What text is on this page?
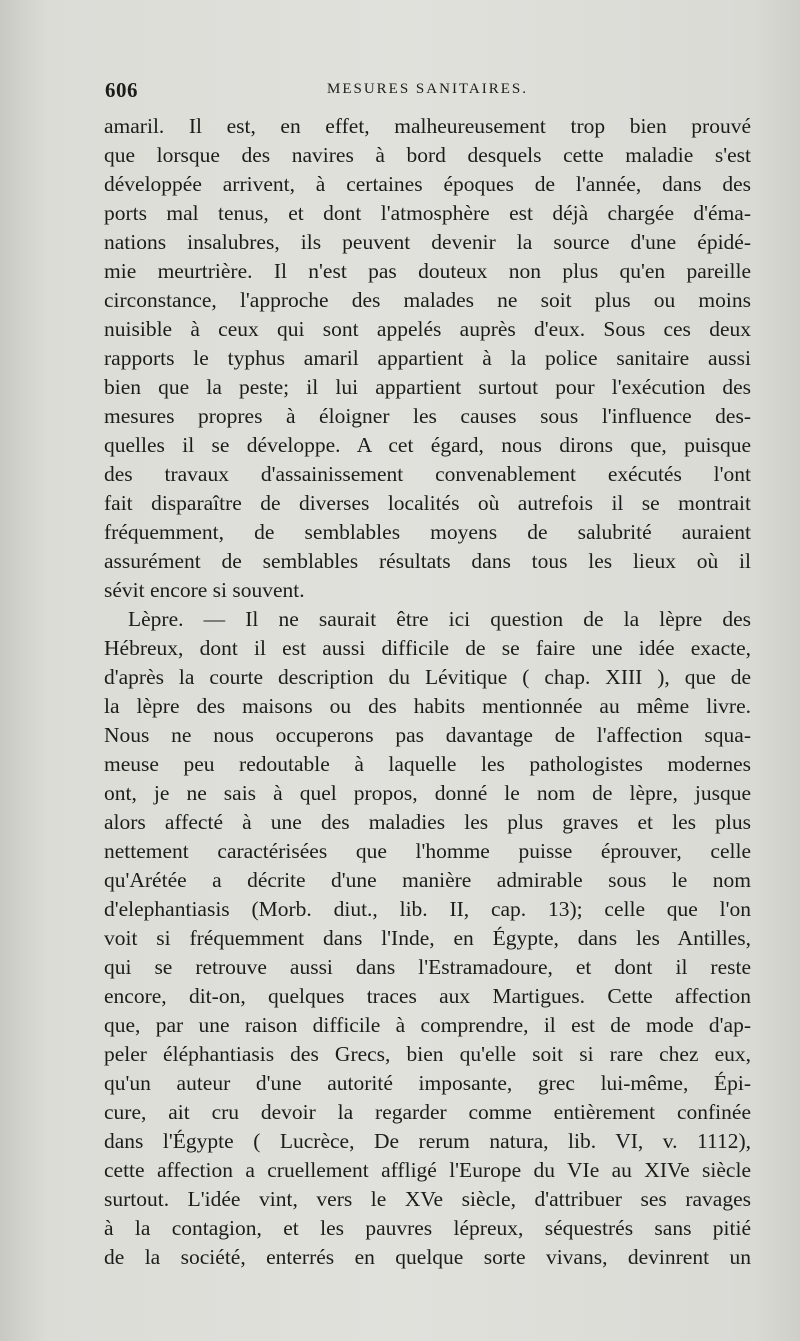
606	MESURES SANITAIRES.
amaril. Il est, en effet, malheureusement trop bien prouvé
que lorsque des navires à bord desquels cette maladie s'est
développée arrivent, à certaines époques de l'année, dans des
ports mal tenus, et dont l'atmosphère est déjà chargée d'éma-
nations insalubres, ils peuvent devenir la source d'une épidé-
mie meurtrière. Il n'est pas douteux non plus qu'en pareille
circonstance, l'approche des malades ne soit plus ou moins
nuisible à ceux qui sont appelés auprès d'eux. Sous ces deux
rapports le typhus amaril appartient à la police sanitaire aussi
bien que la peste; il lui appartient surtout pour l'exécution des
mesures propres à éloigner les causes sous l'influence des-
quelles il se développe. A cet égard, nous dirons que, puisque
des travaux d'assainissement convenablement exécutés l'ont
fait disparaître de diverses localités où autrefois il se montrait
fréquemment, de semblables moyens de salubrité auraient
assurément de semblables résultats dans tous les lieux où il
sévit encore si souvent.
Lèpre. — Il ne saurait être ici question de la lèpre des
Hébreux, dont il est aussi difficile de se faire une idée exacte,
d'après la courte description du Lévitique ( chap. XIII ), que de
la lèpre des maisons ou des habits mentionnée au même livre.
Nous ne nous occuperons pas davantage de l'affection squa-
meuse peu redoutable à laquelle les pathologistes modernes
ont, je ne sais à quel propos, donné le nom de lèpre, jusque
alors affecté à une des maladies les plus graves et les plus
nettement caractérisées que l'homme puisse éprouver, celle
qu'Arétée a décrite d'une manière admirable sous le nom
d'elephantiasis (Morb. diut., lib. II, cap. 13); celle que l'on
voit si fréquemment dans l'Inde, en Égypte, dans les Antilles,
qui se retrouve aussi dans l'Estramadoure, et dont il reste
encore, dit-on, quelques traces aux Martigues. Cette affection
que, par une raison difficile à comprendre, il est de mode d'ap-
peler éléphantiasis des Grecs, bien qu'elle soit si rare chez eux,
qu'un auteur d'une autorité imposante, grec lui-même, Épi-
cure, ait cru devoir la regarder comme entièrement confinée
dans l'Égypte ( Lucrèce, De rerum natura, lib. VI, v. 1112),
cette affection a cruellement affligé l'Europe du VIe au XIVe siècle
surtout. L'idée vint, vers le XVe siècle, d'attribuer ses ravages
à la contagion, et les pauvres lépreux, séquestrés sans pitié
de la société, enterrés en quelque sorte vivans, devinrent un
